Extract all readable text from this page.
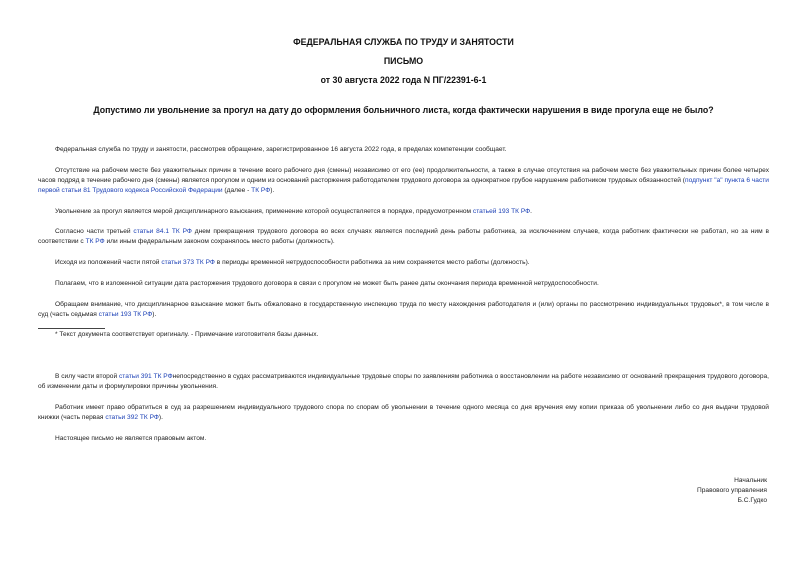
ФЕДЕРАЛЬНАЯ СЛУЖБА ПО ТРУДУ И ЗАНЯТОСТИ
ПИСЬМО
от 30 августа 2022 года N ПГ/22391-6-1
Допустимо ли увольнение за прогул на дату до оформления больничного листа, когда фактически нарушения в виде прогула еще не было?

Федеральная служба по труду и занятости, рассмотрев обращение, зарегистрированное 16 августа 2022 года, в пределах компетенции сообщает.

Отсутствие на рабочем месте без уважительных причин в течение всего рабочего дня (смены) независимо от его (ее) продолжительности, а также в случае отсутствия на рабочем месте без уважительных причин более четырех часов подряд в течение рабочего дня (смены) является прогулом и одним из оснований расторжения работодателем трудового договора за однократное грубое нарушение работником трудовых обязанностей (подпункт "а" пункта 6 части первой статьи 81 Трудового кодекса Российской Федерации (далее - ТК РФ).

Увольнение за прогул является мерой дисциплинарного взыскания, применение которой осуществляется в порядке, предусмотренном статьей 193 ТК РФ.

Согласно части третьей статьи 84.1 ТК РФ днем прекращения трудового договора во всех случаях является последний день работы работника, за исключением случаев, когда работник фактически не работал, но за ним в соответствии с ТК РФ или иным федеральным законом сохранялось место работы (должность).

Исходя из положений части пятой статьи 373 ТК РФ в периоды временной нетрудоспособности работника за ним сохраняется место работы (должность).

Полагаем, что в изложенной ситуации дата расторжения трудового договора в связи с прогулом не может быть ранее даты окончания периода временной нетрудоспособности.

Обращаем внимание, что дисциплинарное взыскание может быть обжаловано в государственную инспекцию труда по месту нахождения работодателя и (или) органы по рассмотрению индивидуальных трудовых*, в том числе в суд (часть седьмая статьи 193 ТК РФ).

* Текст документа соответствует оригиналу. - Примечание изготовителя базы данных.

В силу части второй статьи 391 ТК РФнепосредственно в судах рассматриваются индивидуальные трудовые споры по заявлениям работника о восстановлении на работе независимо от оснований прекращения трудового договора, об изменении даты и формулировки причины увольнения.

Работник имеет право обратиться в суд за разрешением индивидуального трудового спора по спорам об увольнении в течение одного месяца со дня вручения ему копии приказа об увольнении либо со дня выдачи трудовой книжки (часть первая статьи 392 ТК РФ).

Настоящее письмо не является правовым актом.

Начальник
Правового управления
Б.С.Гудко
